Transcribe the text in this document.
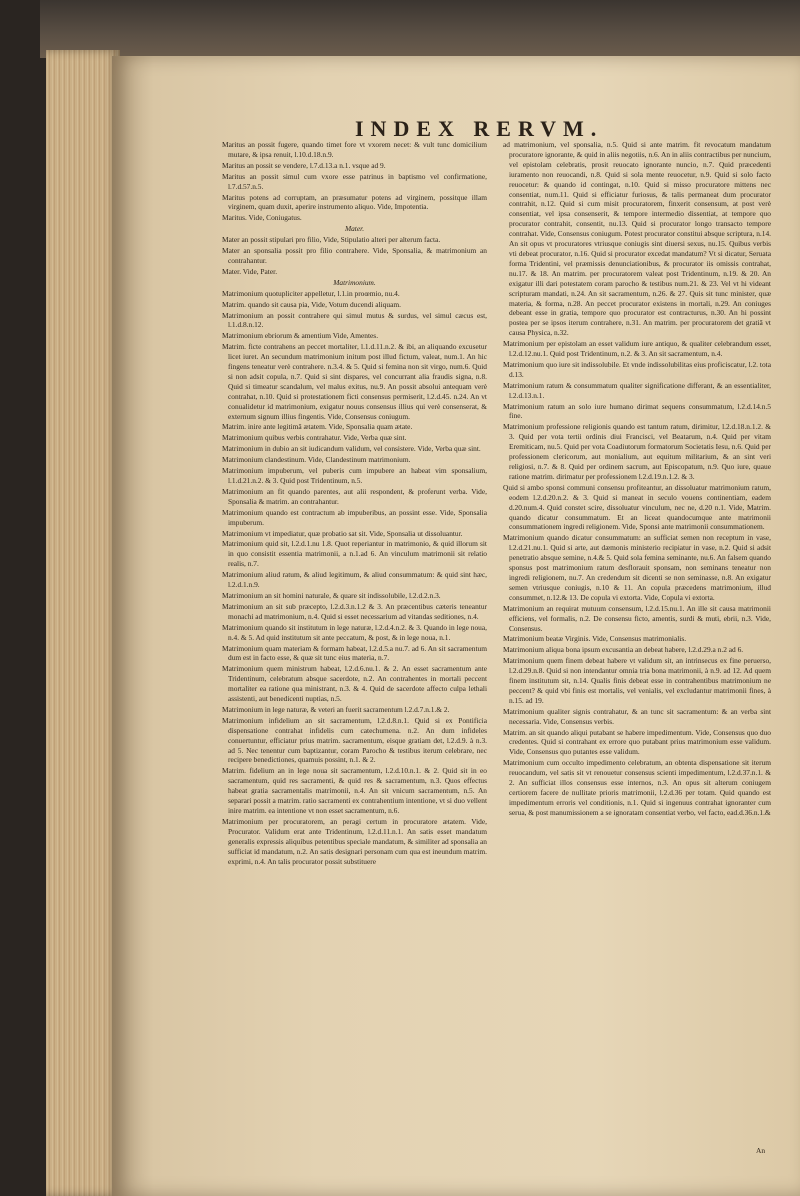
INDEX RERVM.

Maritus an possit fugere, quando timet fore vt vxorem necet: & vult tunc domicilium mutare, & ipsa renuit, l.10.d.18.n.9.

Maritus an possit se vendere, l.7.d.13.a n.1. vsque ad 9.

Maritus an possit simul cum vxore esse patrinus in baptismo vel confirmatione, l.7.d.57.n.5.

Maritus potens ad corruptam, an præsumatur potens ad virginem, possitque illam virginem, quam duxit, aperire instrumento aliquo. Vide, Impotentia.

Maritus. Vide, Coniugatus.

Mater.

Mater an possit stipulari pro filio, Vide, Stipulatio alteri per alterum facta.

Mater an sponsalia possit pro filio contrahere. Vide, Sponsalia, & matrimonium an contrahantur.

Mater. Vide, Pater.

Matrimonium.

Matrimonium quotupliciter appelletur, l.1.in proœmio, nu.4.

Matrim. quando sit causa pia, Vide, Votum ducendi aliquam.

Matrimonium an possit contrahere qui simul mutus & surdus, vel simul cæcus est, l.1.d.8.n.12.

Matrimonium ebriorum & amentium Vide, Amentes.

Matrim. ficte contrahens an peccet mortaliter, l.1.d.11.n.2. & ibi, an aliquando excusetur licet iuret. An secundum matrimonium initum post illud fictum, valeat, num.1. An hic fingens teneatur verè contrahere. n.3.4. & 5. Quid si femina non sit virgo, num.6. Quid si non adsit copula, n.7. Quid si sint dispares, vel concurrant alia fraudis signa, n.8. Quid si timeatur scandalum, vel malus exitus, nu.9. An possit absolui antequam verè contrahat, n.10. Quid si protestationem ficti consensus permiserit, l.2.d.45. n.24. An vt conualidetur id matrimonium, exigatur nouus consensus illius qui verè consenserat, & externum signum illius fingentis. Vide, Consensus coniugum.

Matrim. inire ante legitimã ætatem. Vide, Sponsalia quam ætate.

Matrimonium quibus verbis contrahatur. Vide, Verba quæ sint.

Matrimonium in dubio an sit iudicandum validum, vel consistere. Vide, Verba quæ sint.

Matrimonium clandestinum. Vide, Clandestinum matrimonium.

Matrimonium impuberum, vel puberis cum impubere an habeat vim sponsalium, l.1.d.21.n.2. & 3. Quid post Tridentinum, n.5.

Matrimonium an fit quando parentes, aut alii respondent, & proferunt verba. Vide, Sponsalia & matrim. an contrahantur.

Matrimonium quando est contractum ab impuberibus, an possint esse. Vide, Sponsalia impuberum.

Matrimonium vt impediatur, quæ probatio sat sit. Vide, Sponsalia ut dissoluantur.

Matrimonium quid sit, l.2.d.1.nu 1.8. Quot reperiantur in matrimonio, & quid illorum sit in quo consistit essentia matrimonii, a n.1.ad 6. An vinculum matrimonii sit relatio realis, n.7.

Matrimonium aliud ratum, & aliud legitimum, & aliud consummatum: & quid sint hæc, l.2.d.1.n.9.

Matrimonium an sit homini naturale, & quare sit indissolubile, l.2.d.2.n.3.

Matrimonium an sit sub præcepto, l.2.d.3.n.1.2 & 3. An præcentibus cæteris teneantur monachi ad matrimonium, n.4. Quid si esset necessarium ad vitandas seditiones, n.4.

Matrimonium quando sit institutum in lege naturæ, l.2.d.4.n.2. & 3. Quando in lege noua, n.4. & 5. Ad quid institutum sit ante peccatum, & post, & in lege noua, n.1.

Matrimonium quam materiam & formam habeat, l.2.d.5.a nu.7. ad 6. An sit sacramentum dum est in facto esse, & quæ sit tunc eius materia, n.7.

Matrimonium quem ministrum habeat, l.2.d.6.nu.1. & 2. An esset sacramentum ante Tridentinum, celebratum absque sacerdote, n.2. An contrahentes in mortali peccent mortaliter ea ratione qua ministrant, n.3. & 4. Quid de sacerdote affecto culpa lethali assistenti, aut benedicenti nuptias, n.5.

Matrimonium in lege naturæ, & veteri an fuerit sacramentum l.2.d.7.n.1.& 2.

Matrimonium infidelium an sit sacramentum, l.2.d.8.n.1. Quid si ex Pontificia dispensatione contrahat infidelis cum catechumena. n.2. An dum infideles conuertuntur, efficiatur prius matrim. sacramentum, eisque gratiam det, l.2.d.9. à n.3. ad 5. Nec tenentur cum baptizantur, coram Parocho & testibus iterum celebrare, nec recipere benedictiones, quamuis possint, n.1. & 2.

Matrim. fidelium an in lege noua sit sacramentum, l.2.d.10.n.1. & 2. Quid sit in eo sacramentum, quid res sacramenti, & quid res & sacramentum, n.3. Quos effectus habeat gratia sacramentalis matrimonii, n.4. An sit vnicum sacramentum, n.5. An separari possit a matrim. ratio sacramenti ex contrahentium intentione, vt si duo vellent inire matrim. ea intentione vt non esset sacramentum, n.6.

Matrimonium per procuratorem, an peragi certum in procuratore ætatem. Vide, Procurator. Validum erat ante Tridentinum, l.2.d.11.n.1. An satis esset mandatum generalis expressis aliquibus petentibus speciale mandatum, & similiter ad sponsalia an sufficiat id mandatum, n.2. An satis designari personam cum qua est ineundum matrim. exprimi, n.4. An talis procurator possit substituere

ad matrimonium, vel sponsalia, n.5. Quid si ante matrim. fit revocatum mandatum procuratore ignorante, & quid in aliis negotiis, n.6. An in aliis contractibus per nuncium, vel epistolam celebratis, prosit reuocato ignorante nuncio, n.7. Quid præcedenti iuramento non reuocandi, n.8. Quid si sola mente reuocetur, n.9. Quid si solo facto reuocetur: & quando id contingat, n.10. Quid si misso procuratore mittens nec consentiat, num.11. Quid si efficiatur furiosus, & talis permaneat dum procurator contrahit, n.12. Quid si cum misit procuratorem, finxerit consensum, at post verè consentiat, vel ipsa consenserit, & tempore intermedio dissentiat, at tempore quo procurator contrahit, consentit, nu.13. Quid si procurator longo transacto tempore contrahat. Vide, Consensus coniugum. Potest procurator constitui absque scriptura, n.14. An sit opus vt procuratores vtriusque coniugis sint diuersi sexus, nu.15. Quibus verbis vti debeat procurator, n.16. Quid si procurator excedat mandatum? Vt si dicatur, Seruata forma Tridentini, vel præmissis denunciationibus, & procurator iis omissis contrahat, nu.17. & 18. An matrim. per procuratorem valeat post Tridentinum, n.19. & 20. An exigatur illi dari potestatem coram parocho & testibus num.21. & 23. Vel vt hi videant scripturam mandati, n.24. An sit sacramentum, n.26. & 27. Quis sit tunc minister, quæ materia, & forma, n.28. An peccet procurator existens in mortali, n.29. An coniuges debeant esse in gratia, tempore quo procurator est contracturus, n.30. An hi possint postea per se ipsos iterum contrahere, n.31. An matrim. per procuratorem det gratiã vt causa Physica, n.32.

Matrimonium per epistolam an esset validum iure antiquo, & qualiter celebrandum esset, l.2.d.12.nu.1. Quid post Tridentinum, n.2. & 3. An sit sacramentum, n.4.

Matrimonium quo iure sit indissolubile. Et vnde indissolubilitas eius proficiscatur, l.2. tota d.13.

Matrimonium ratum & consummatum qualiter significatione differant, & an essentialiter, l.2.d.13.n.1.

Matrimonium ratum an solo iure humano dirimat sequens consummatum, l.2.d.14.n.5 fine.

Matrimonium professione religionis quando est tantum ratum, dirimitur, l.2.d.18.n.1.2. & 3. Quid per vota tertii ordinis diui Francisci, vel Beatarum, n.4. Quid per vitam Eremiticam, nu.5. Quid per vota Coadiutorum formatorum Societatis Iesu, n.6. Quid per professionem clericorum, aut monialium, aut equitum militarium, & an sint veri religiosi, n.7. & 8. Quid per ordinem sacrum, aut Episcopatum, n.9. Quo iure, quaue ratione matrim. dirimatur per professionem l.2.d.19.n.1.2. & 3.

Quid si ambo sponsi communi consensu profiteantur, an dissoluatur matrimonium ratum, eodem l.2.d.20.n.2. & 3. Quid si maneat in seculo vouens continentiam, eadem d.20.num.4. Quid constet scire, dissoluatur vinculum, nec ne, d.20 n.1. Vide, Matrim. quando dicatur consummatum. Et an liceat quandocumque ante matrimonii consummationem ingredi religionem. Vide, Sponsi ante matrimonii consummationem.

Matrimonium quando dicatur consummatum: an sufficiat semen non receptum in vase, l.2.d.21.nu.1. Quid si arte, aut dæmonis ministerio recipiatur in vase, n.2. Quid si adsit penetratio absque semine, n.4.& 5. Quid sola femina seminante, nu.6. An falsem quando sponsus post matrimonium ratum desflorauit sponsam, non seminans teneatur non ingredi religionem, nu.7. An credendum sit dicenti se non seminasse, n.8. An exigatur semen vtriusque coniugis, n.10 & 11. An copula præcedens matrimonium, illud consummet, n.12.& 13. De copula vi extorta. Vide, Copula vi extorta.

Matrimonium an requirat mutuum consensum, l.2.d.15.nu.1. An ille sit causa matrimonii efficiens, vel formalis, n.2. De consensu ficto, amentis, surdi & muti, ebrii, n.3. Vide, Consensus.

Matrimonium beatæ Virginis. Vide, Consensus matrimonialis.

Matrimonium aliqua bona ipsum excusantia an debeat habere, l.2.d.29.a n.2 ad 6.

Matrimonium quem finem debeat habere vt validum sit, an intrinsecus ex fine peruerso, l.2.d.29.n.8. Quid si non intendantur omnia tria bona matrimonii, à n.9. ad 12. Ad quem finem institutum sit, n.14. Qualis finis debeat esse in contrahentibus matrimonium ne peccent? & quid vbi finis est mortalis, vel venialis, vel excludantur matrimonii fines, à n.15. ad 19.

Matrimonium qualiter signis contrahatur, & an tunc sit sacramentum: & an verba sint necessaria. Vide, Consensus verbis.

Matrim. an sit quando aliqui putabant se habere impedimentum. Vide, Consensus quo duo credentes. Quid si contrahant ex errore quo putabant prius matrimonium esse validum. Vide, Consensus quo putantes esse validum.

Matrimonium cum occulto impedimento celebratum, an obtenta dispensatione sit iterum reuocandum, vel satis sit vt renouetur consensus scienti impedimentum, l.2.d.37.n.1. & 2. An sufficiat illos consensus esse internos, n.3. An opus sit alterum coniugem certiorem facere de nullitate prioris matrimonii, l.2.d.36 per totam. Quid quando est impedimentum erroris vel conditionis, n.1. Quid si ingenuus contrahat ignoranter cum serua, & post manumissionem a se ignoratam consentiat verbo, vel facto, ead.d.36.n.1.&

An
